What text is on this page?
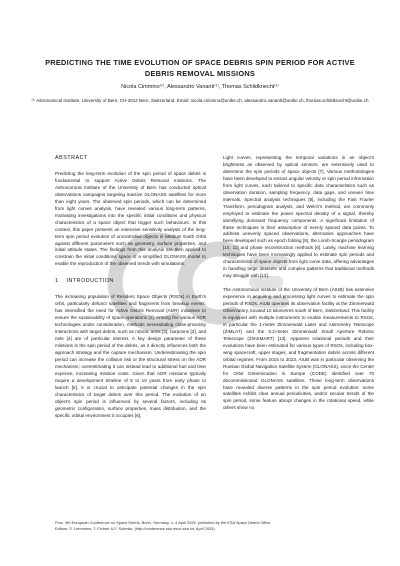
PREDICTING THE TIME EVOLUTION OF SPACE DEBRIS SPIN PERIOD FOR ACTIVE DEBRIS REMOVAL MISSIONS

Nicola Cimmino⁽¹⁾, Alessandro Vananti⁽¹⁾, Thomas Schildknecht⁽¹⁾

⁽¹⁾ Astronomical Institute, University of Bern, CH-3012 Bern, Switzerland. Email: nicola.cimmino@unibe.ch, alessandro.vananti@unibe.ch, thomas.schildknecht@unibe.ch

ABSTRACT

Predicting the long-term evolution of the spin period of space debris is fundamental to support Active Debris Removal missions. The Astronomical Institute of the University of Bern has conducted optical observations campaigns targeting inactive GLONASS satellites for more than eight years. The observed spin periods, which can be determined from light curves analysis, have revealed various long-term patterns, motivating investigations into the specific initial conditions and physical characteristics of a space object that trigger such behaviours. In this context, this paper presents an extensive sensitivity analysis of the long-term spin period evolution of uncontrolled objects in Medium Earth Orbit against different parameters such as geometry, surface properties, and initial attitude states. The findings from this analysis are then applied to constrain the initial conditions space of a simplified GLONASS model to enable the reproduction of the observed trends with simulations.

1 INTRODUCTION

The increasing population of Resident Space Objects (RSOs) in Earth's orbit, particularly defunct satellites and fragments from breakup events, has intensified the need for Active Debris Removal (ADR) initiatives to ensure the sustainability of space operations [1]. Among the various ADR technologies under consideration, methods necessitating close-proximity interactions with target debris, such as robotic arms [2], harpoons [3], and nets [4] are of particular interest. A key design parameter of these missions is the spin period of the debris, as it directly influences both the approach strategy and the capture mechanism. Underestimating the spin period can increase the collision risk or the structural stress on the ADR mechanism; overestimating it can instead lead to additional fuel and time expense, increasing mission costs. Given that ADR missions typically require a development timeline of 5 to 10 years from early phase to launch [5], it is crucial to anticipate potential changes in the spin characteristics of target debris over this period. The evolution of an object's spin period is influenced by several factors, including its geometric configuration, surface properties, mass distribution, and the specific orbital environment it occupies [6].

Light curves, representing the temporal variations in an object's brightness as observed by optical sensors, are extensively used to determine the spin periods of space objects [7]. Various methodologies have been developed to extract angular velocity or spin period information from light curves, each tailored to specific data characteristics such as observation duration, sampling frequency, data gaps, and uneven time intervals. Spectral analysis techniques [8], including the Fast Fourier Transform, periodogram analysis, and Welch's method, are commonly employed to estimate the power spectral density of a signal, thereby identifying dominant frequency components. A significant limitation of these techniques is their assumption of evenly spaced data points. To address unevenly spaced observations, alternative approaches have been developed such as epoch folding [9], the Lomb-Scargle periodogram [10, 11] and phase reconstruction methods [6]. Lately, machine learning techniques have been increasingly applied to estimate spin periods and characteristics of space objects from light curve data, offering advantages in handling large datasets and complex patterns that traditional methods may struggle with [12].

The Astronomical Institute of the University of Bern (AIUB) has extensive experience in acquiring and processing light curves to estimate the spin periods of RSOs. AIUB operates its observation facility at the Zimmerwald Observatory, located 10 kilometres south of Bern, Switzerland. This facility is equipped with multiple instruments to enable measurements to RSOs, in particular the 1-meter Zimmerwald Laser and Astrometry Telescope (ZIMLAT) and the 0.2-meter Zimmerwald Small Aperture Robotic Telescope (ZimSMART) [13]. Apparent rotational periods and their evolutions have been estimated for various types of RSOs, including box-wing spacecraft, upper stages, and fragmentation debris across different orbital regimes. From 2015 to 2023, AIUB was in particular observing the Russian Global Navigation Satellite System (GLONASS), since the Center for Orbit Determination in Europe (CODE) identified over 70 decommissioned GLONASS satellites. These long-term observations have revealed diverse patterns in the spin period evolution: some satellites exhibit clear annual periodicities, and/or secular trends of the spin period, some feature abrupt changes in the rotational speed, while others show no

Proc. 9th European Conference on Space Debris, Bonn, Germany, 1–4 April 2025, published by the ESA Space Debris Office
Editors: S. Lemmens, T. Flohrer & F. Schmitz, (http://conference.sdo.esoc.esa.int, April 2025)
